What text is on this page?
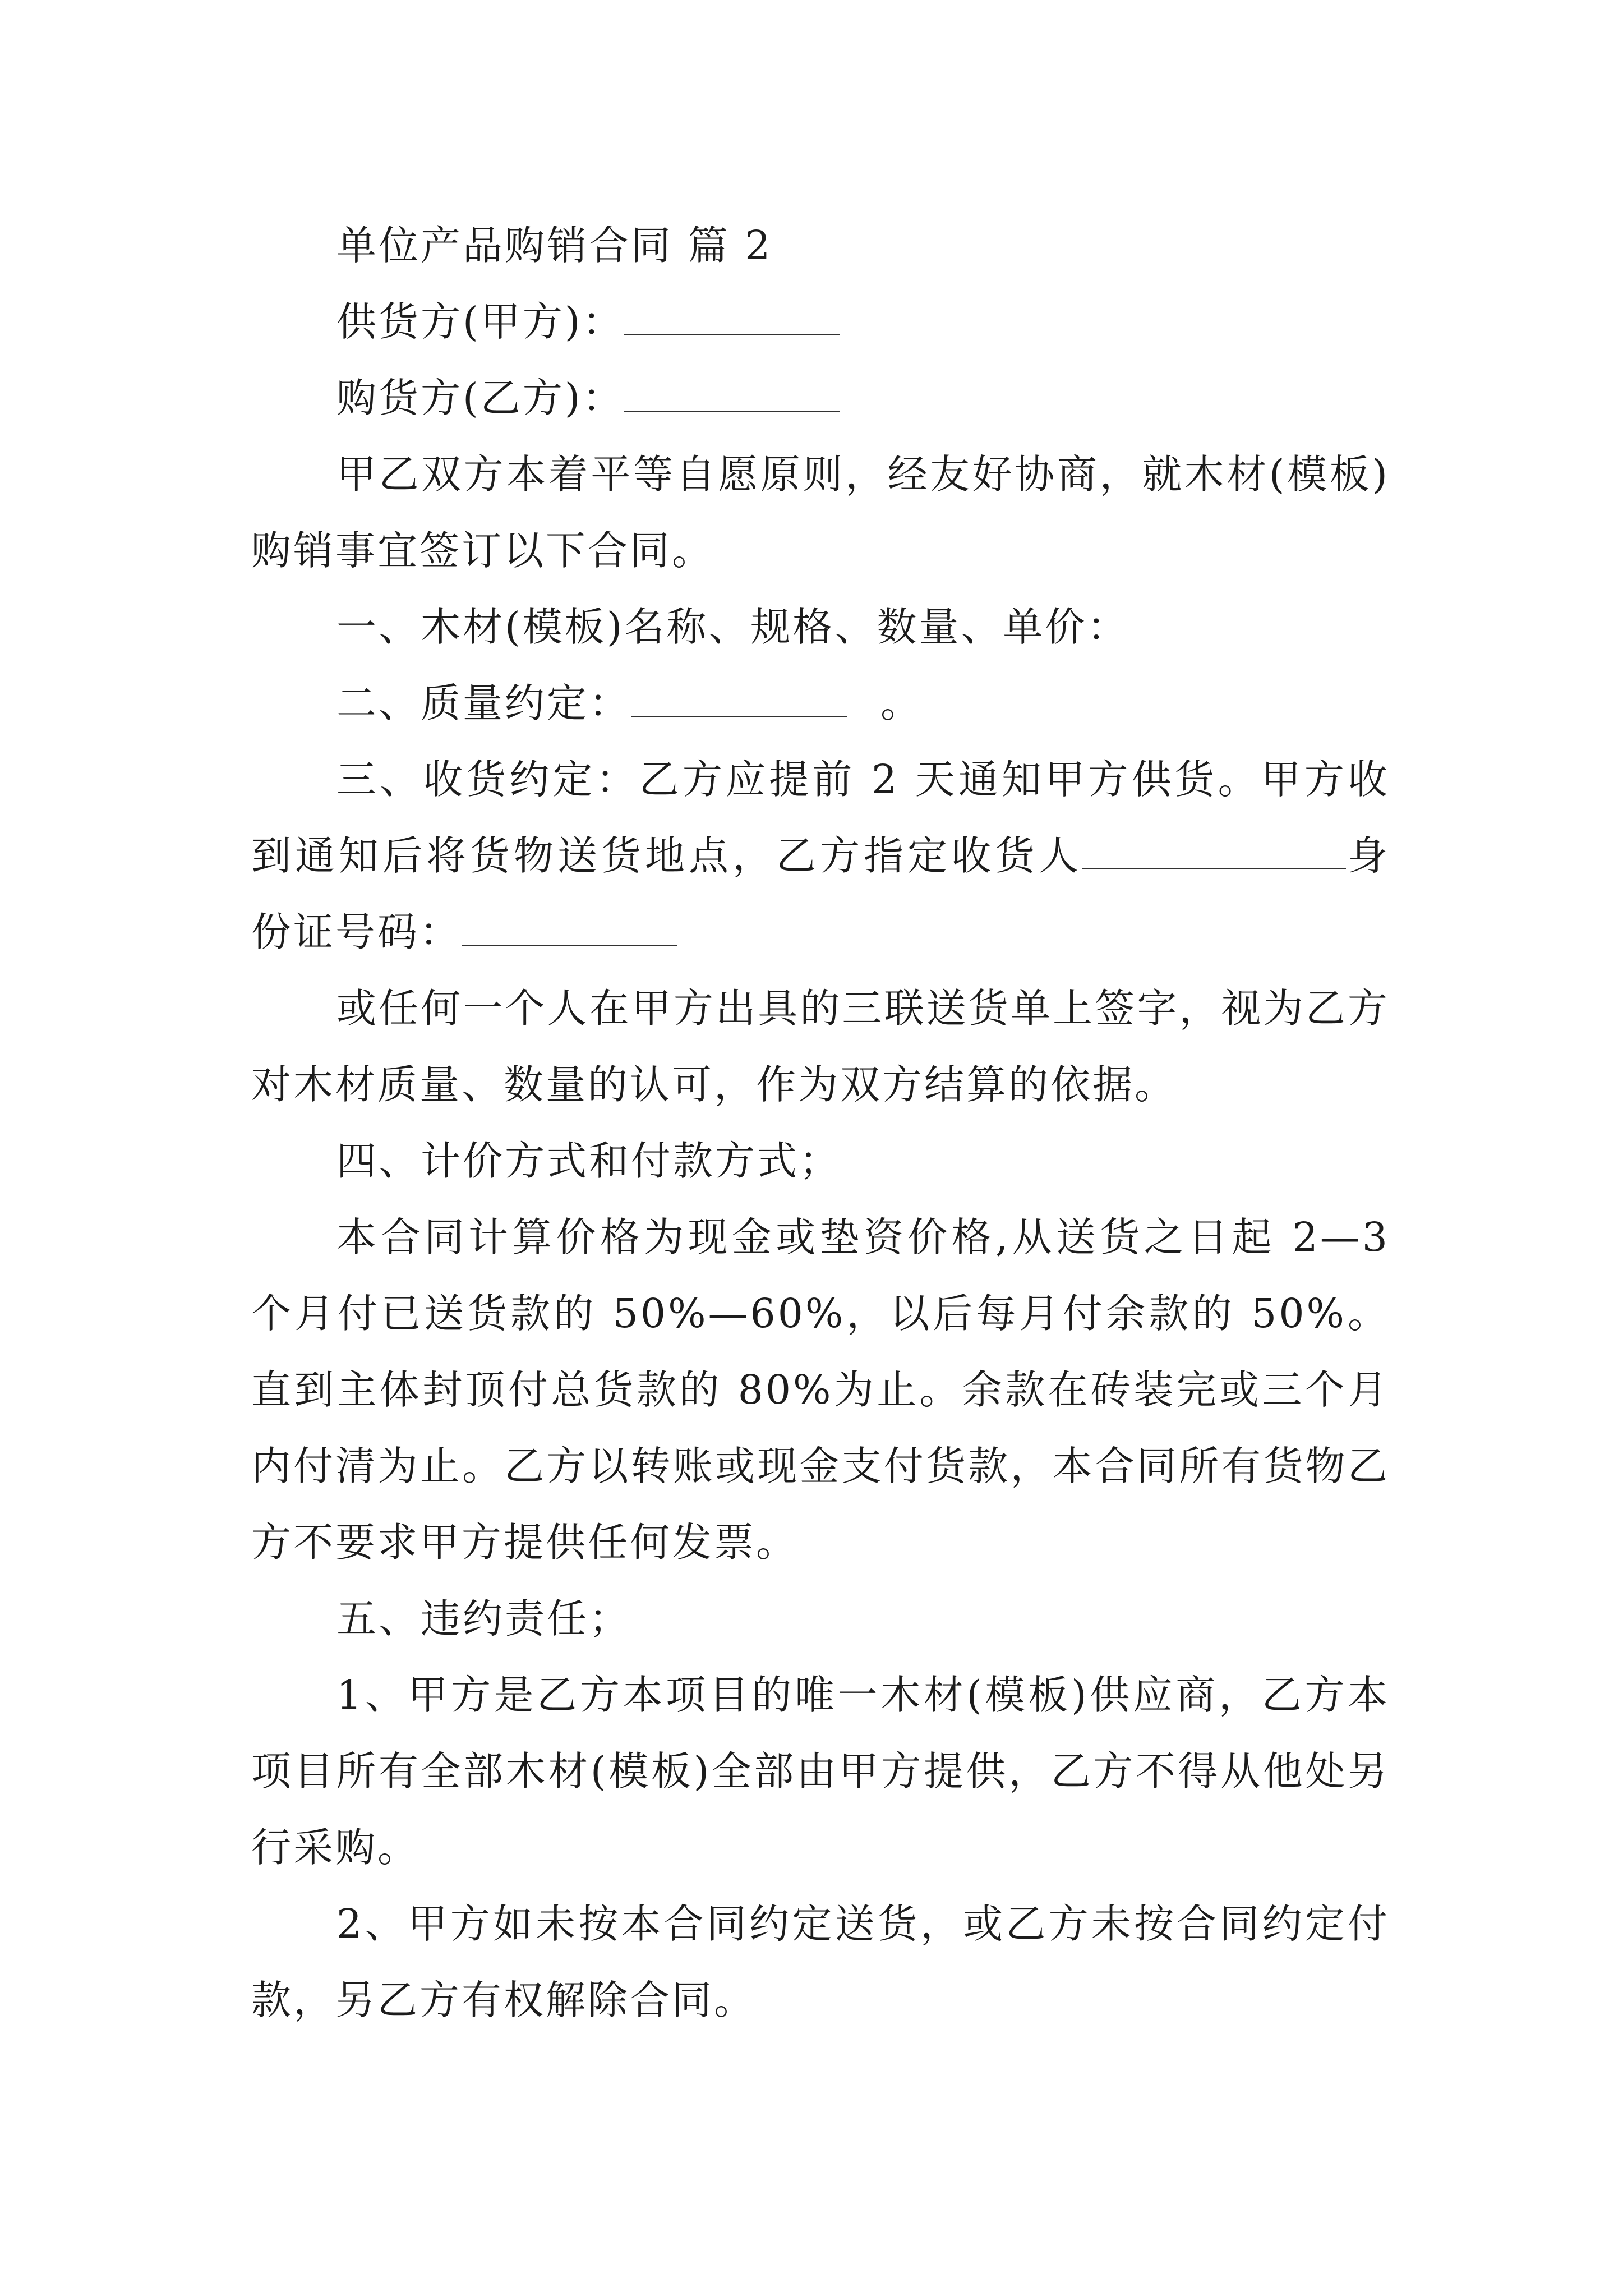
单位产品购销合同 篇 2

供货方(甲方)：

购货方(乙方)：

甲乙双方本着平等自愿原则，经友好协商，就木材(模板)购销事宜签订以下合同。

一、木材(模板)名称、规格、数量、单价：

二、质量约定：	。

三、收货约定：乙方应提前 2 天通知甲方供货。甲方收到通知后将货物送货地点，乙方指定收货人	身份证号码：

或任何一个人在甲方出具的三联送货单上签字，视为乙方对木材质量、数量的认可，作为双方结算的依据。

四、计价方式和付款方式；

本合同计算价格为现金或垫资价格,从送货之日起 2—3 个月付已送货款的 50%—60%，以后每月付余款的 50%。直到主体封顶付总货款的 80%为止。余款在砖装完或三个月内付清为止。乙方以转账或现金支付货款，本合同所有货物乙方不要求甲方提供任何发票。

五、违约责任；

1、甲方是乙方本项目的唯一木材(模板)供应商，乙方本项目所有全部木材(模板)全部由甲方提供，乙方不得从他处另行采购。

2、甲方如未按本合同约定送货，或乙方未按合同约定付款，另乙方有权解除合同。
